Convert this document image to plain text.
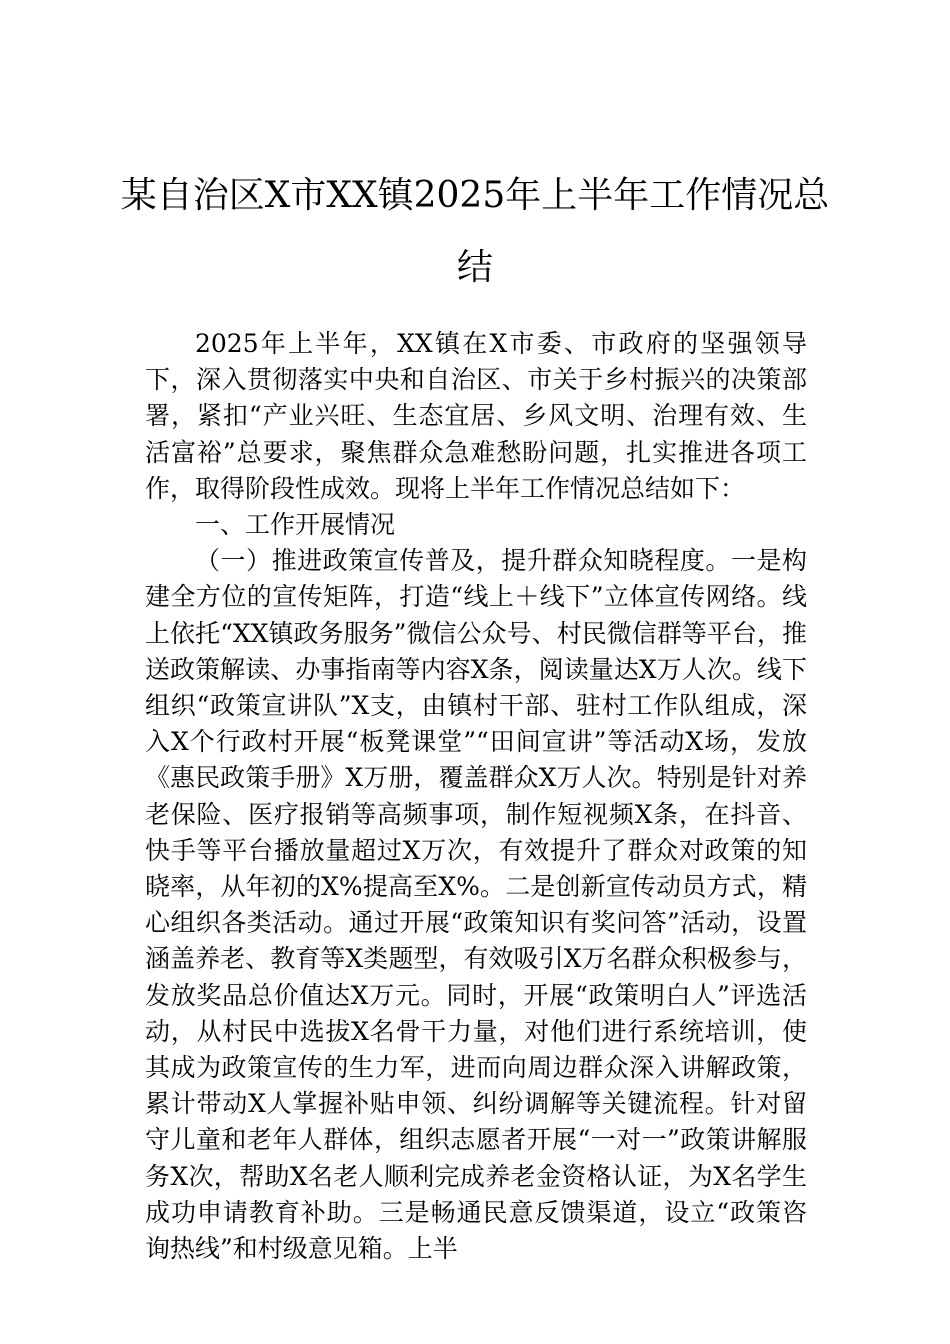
某自治区X市XX镇2025年上半年工作情况总结

2025年上半年，XX镇在X市委、市政府的坚强领导下，深入贯彻落实中央和自治区、市关于乡村振兴的决策部署，紧扣“产业兴旺、生态宜居、乡风文明、治理有效、生活富裕”总要求，聚焦群众急难愁盼问题，扎实推进各项工作，取得阶段性成效。现将上半年工作情况总结如下：

一、工作开展情况

（一）推进政策宣传普及，提升群众知晓程度。一是构建全方位的宣传矩阵，打造“线上＋线下”立体宣传网络。线上依托“XX镇政务服务”微信公众号、村民微信群等平台，推送政策解读、办事指南等内容X条，阅读量达X万人次。线下组织“政策宣讲队”X支，由镇村干部、驻村工作队组成，深入X个行政村开展“板凳课堂”“田间宣讲”等活动X场，发放《惠民政策手册》X万册，覆盖群众X万人次。特别是针对养老保险、医疗报销等高频事项，制作短视频X条，在抖音、快手等平台播放量超过X万次，有效提升了群众对政策的知晓率，从年初的X%提高至X%。二是创新宣传动员方式，精心组织各类活动。通过开展“政策知识有奖问答”活动，设置涵盖养老、教育等X类题型，有效吸引X万名群众积极参与，发放奖品总价值达X万元。同时，开展“政策明白人”评选活动，从村民中选拔X名骨干力量，对他们进行系统培训，使其成为政策宣传的生力军，进而向周边群众深入讲解政策，累计带动X人掌握补贴申领、纠纷调解等关键流程。针对留守儿童和老年人群体，组织志愿者开展“一对一”政策讲解服务X次，帮助X名老人顺利完成养老金资格认证，为X名学生成功申请教育补助。三是畅通民意反馈渠道，设立“政策咨询热线”和村级意见箱。上半
